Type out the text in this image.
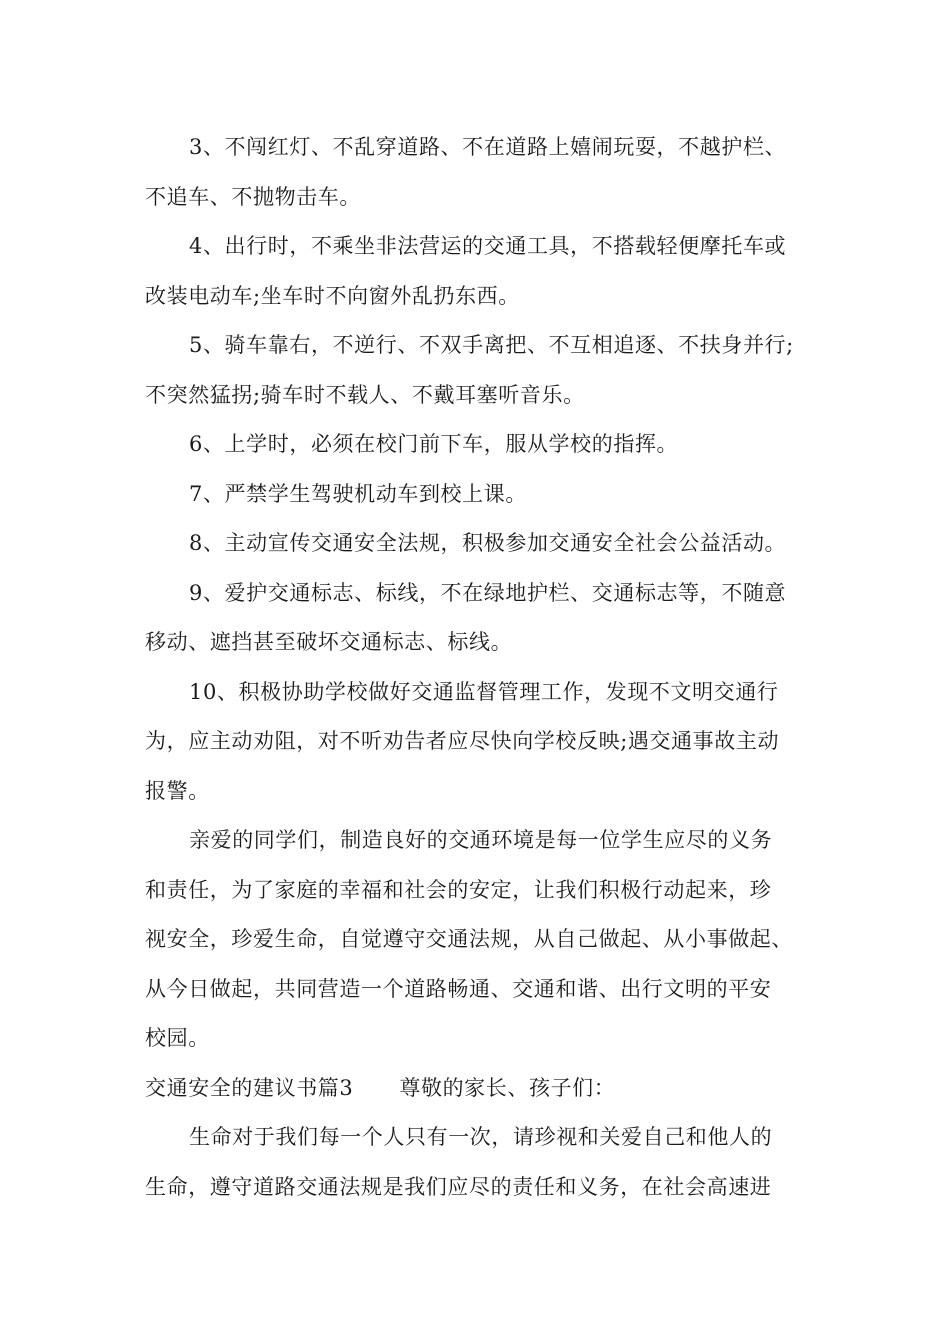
3、不闯红灯、不乱穿道路、不在道路上嬉闹玩耍，不越护栏、
不追车、不抛物击车。

4、出行时，不乘坐非法营运的交通工具，不搭载轻便摩托车或
改装电动车;坐车时不向窗外乱扔东西。

5、骑车靠右，不逆行、不双手离把、不互相追逐、不扶身并行;
不突然猛拐;骑车时不载人、不戴耳塞听音乐。

6、上学时，必须在校门前下车，服从学校的指挥。

7、严禁学生驾驶机动车到校上课。

8、主动宣传交通安全法规，积极参加交通安全社会公益活动。

9、爱护交通标志、标线，不在绿地护栏、交通标志等，不随意
移动、遮挡甚至破坏交通标志、标线。

10、积极协助学校做好交通监督管理工作，发现不文明交通行
为，应主动劝阻，对不听劝告者应尽快向学校反映;遇交通事故主动
报警。

亲爱的同学们，制造良好的交通环境是每一位学生应尽的义务
和责任，为了家庭的幸福和社会的安定，让我们积极行动起来，珍
视安全，珍爱生命，自觉遵守交通法规，从自己做起、从小事做起、
从今日做起，共同营造一个道路畅通、交通和谐、出行文明的平安
校园。

交通安全的建议书篇3 尊敬的家长、孩子们：

生命对于我们每一个人只有一次，请珍视和关爱自己和他人的
生命，遵守道路交通法规是我们应尽的责任和义务，在社会高速进
